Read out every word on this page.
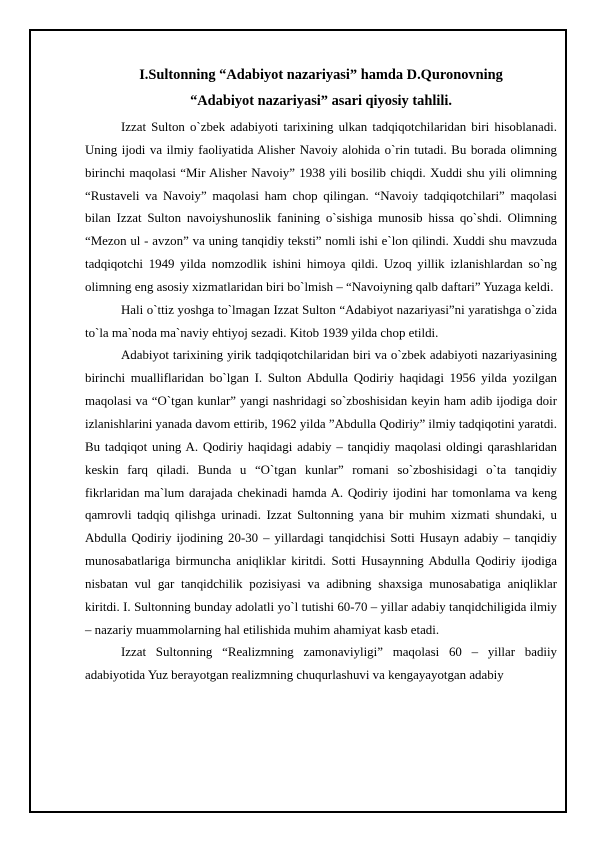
I.Sultonning “Adabiyot nazariyasi” hamda D.Quronovning
“Adabiyot nazariyasi” asari qiyosiy tahlili.

Izzat Sulton o`zbek adabiyoti tarixining ulkan tadqiqotchilaridan biri hisoblanadi. Uning ijodi va ilmiy faoliyatida Alisher Navoiy alohida o`rin tutadi. Bu borada olimning birinchi maqolasi “Mir Alisher Navoiy” 1938 yili bosilib chiqdi. Xuddi shu yili olimning “Rustaveli va Navoiy” maqolasi ham chop qilingan. “Navoiy tadqiqotchilari” maqolasi bilan Izzat Sulton navoiyshunoslik fanining o`sishiga munosib hissa qo`shdi. Olimning “Mezon ul - avzon” va uning tanqidiy teksti” nomli ishi e`lon qilindi. Xuddi shu mavzuda tadqiqotchi 1949 yilda nomzodlik ishini himoya qildi. Uzoq yillik izlanishlardan so`ng olimning eng asosiy xizmatlaridan biri bo`lmish – “Navoiyning qalb daftari” Yuzaga keldi.

Hali o`ttiz yoshga to`lmagan Izzat Sulton “Adabiyot nazariyasi”ni yaratishga o`zida to`la ma`noda ma`naviy ehtiyoj sezadi. Kitob 1939 yilda chop etildi.

Adabiyot tarixining yirik tadqiqotchilaridan biri va o`zbek adabiyoti nazariyasining birinchi mualliflaridan bo`lgan I. Sulton Abdulla Qodiriy haqidagi 1956 yilda yozilgan maqolasi va “O`tgan kunlar” yangi nashridagi so`zboshisidan keyin ham adib ijodiga doir izlanishlarini yanada davom ettirib, 1962 yilda ”Abdulla Qodiriy” ilmiy tadqiqotini yaratdi. Bu tadqiqot uning A. Qodiriy haqidagi adabiy – tanqidiy maqolasi oldingi qarashlaridan keskin farq qiladi. Bunda u “O`tgan kunlar” romani so`zboshisidagi o`ta tanqidiy fikrlaridan ma`lum darajada chekinadi hamda A. Qodiriy ijodini har tomonlama va keng qamrovli tadqiq qilishga urinadi. Izzat Sultonning yana bir muhim xizmati shundaki, u Abdulla Qodiriy ijodining 20-30 – yillardagi tanqidchisi Sotti Husayn adabiy – tanqidiy munosabatlariga birmuncha aniqliklar kiritdi. Sotti Husaynning Abdulla Qodiriy ijodiga nisbatan vul gar tanqidchilik pozisiyasi va adibning shaxsiga munosabatiga aniqliklar kiritdi. I. Sultonning bunday adolatli yo`l tutishi 60-70 – yillar adabiy tanqidchiligida ilmiy – nazariy muammolarning hal etilishida muhim ahamiyat kasb etadi.

Izzat Sultonning “Realizmning zamonaviyligi” maqolasi 60 – yillar badiiy adabiyotida Yuz berayotgan realizmning chuqurlashuvi va kengayayotgan adabiy
